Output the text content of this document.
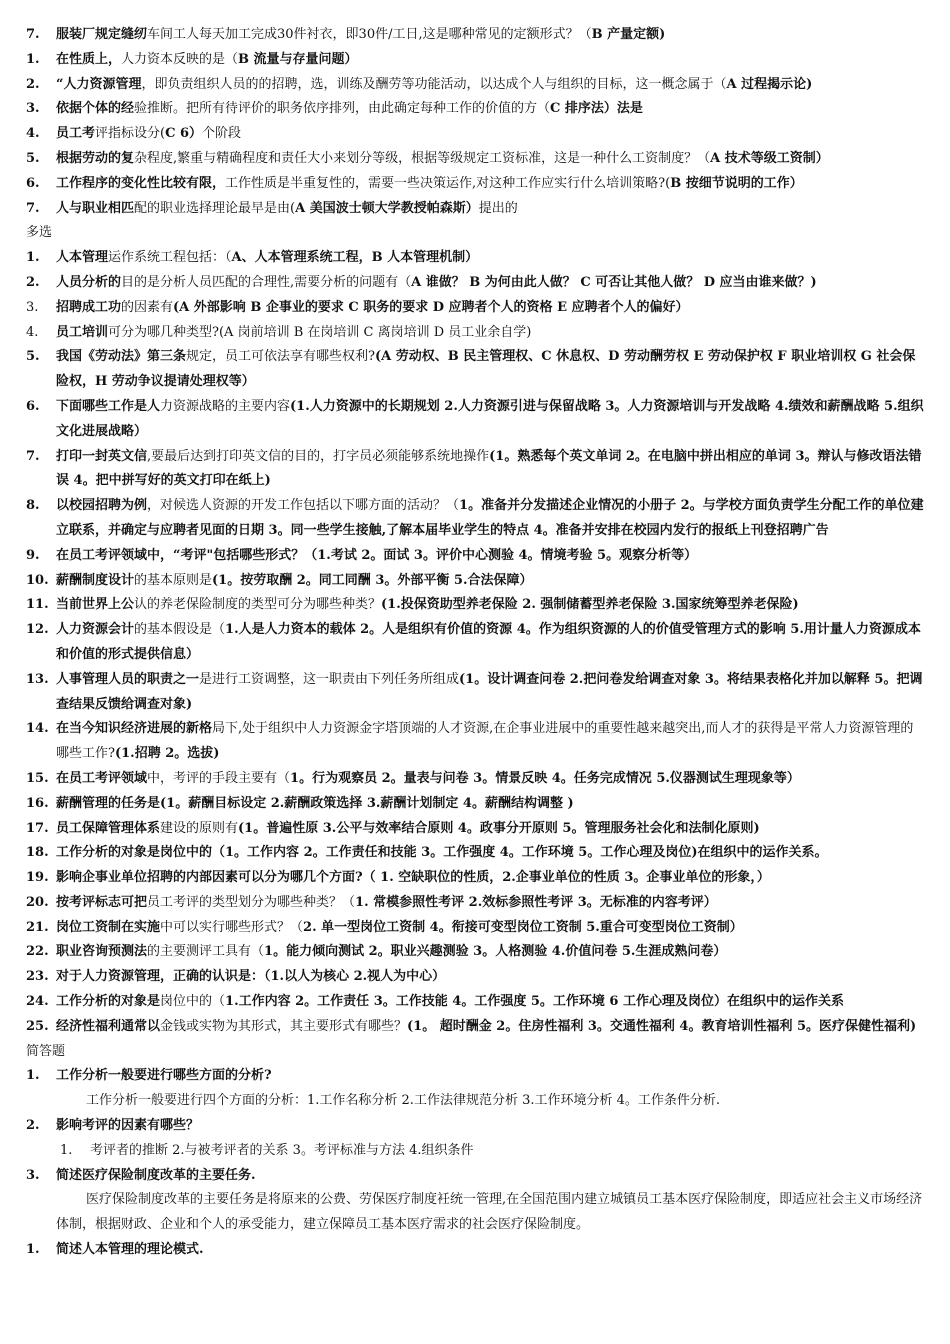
7.	服装厂规定缝纫车间工人每天加工完成30件衬衣，即30件/工日,这是哪种常见的定额形式？（B 产量定额)
1.	在性质上，人力资本反映的是（B 流量与存量问题）
2.	“人力资源管理，即负责组织人员的的招聘，选，训练及酬劳等功能活动，以达成个人与组织的目标，这一概念属于（A 过程揭示论)
3.	依据个体的经验推断。把所有待评价的职务依序排列，由此确定每种工作的价值的方（C 排序法）法是
4.	员工考评指标设分(C 6）个阶段
5.	根据劳动的复杂程度,繁重与精确程度和责任大小来划分等级，根据等级规定工资标准，这是一种什么工资制度？（A 技术等级工资制）
6.	工作程序的变化性比较有限，工作性质是半重复性的，需要一些决策运作,对这种工作应实行什么培训策略?(B 按细节说明的工作）
7.	人与职业相匹配的职业选择理论最早是由(A 美国波士顿大学教授帕森斯）提出的
多选
1.	人本管理运作系统工程包括：（A、人本管理系统工程，B 人本管理机制）
2.	人员分析的目的是分析人员匹配的合理性,需要分析的问题有（A 谁做？ B 为何由此人做？ C 可否让其他人做？ D 应当由谁来做？)
3.	招聘成工功的因素有(A 外部影响 B 企事业的要求 C 职务的要求 D 应聘者个人的资格 E 应聘者个人的偏好）
4.	员工培训可分为哪几种类型?(A 岗前培训 B 在岗培训 C 离岗培训 D 员工业余自学)
5.	我国《劳动法》第三条规定，员工可依法享有哪些权利?(A 劳动权、B 民主管理权、C 休息权、D 劳动酬劳权 E 劳动保护权 F 职业培训权 G 社会保险权，H 劳动争议提请处理权等）
6.	下面哪些工作是人力资源战略的主要内容(1.人力资源中的长期规划 2.人力资源引进与保留战略 3。人力资源培训与开发战略 4.绩效和薪酬战略 5.组织文化进展战略）
7.	打印一封英文信,要最后达到打印英文信的目的，打字员必须能够系统地操作(1。熟悉每个英文单词 2。在电脑中拼出相应的单词 3。辩认与修改语法错误 4。把中拼写好的英文打印在纸上)
8.	以校园招聘为例，对候选人资源的开发工作包括以下哪方面的活动？（1。准备并分发描述企业情况的小册子 2。与学校方面负责学生分配工作的单位建立联系，并确定与应聘者见面的日期 3。同一些学生接触,了解本届毕业学生的特点 4。准备并安排在校园内发行的报纸上刊登招聘广告
9.	在员工考评领域中，“考评"包括哪些形式？（1.考试 2。面试 3。评价中心测验 4。情境考验 5。观察分析等）
10. 薪酬制度设计的基本原则是(1。按劳取酬 2。同工同酬 3。外部平衡 5.合法保障）
11. 当前世界上公认的养老保险制度的类型可分为哪些种类？(1.投保资助型养老保险 2. 强制储蓄型养老保险 3.国家统筹型养老保险)
12. 人力资源会计的基本假设是（1.人是人力资本的载体 2。人是组织有价值的资源 4。作为组织资源的人的价值受管理方式的影响 5.用计量人力资源成本和价值的形式提供信息）
13. 人事管理人员的职责之一是进行工资调整，这一职责由下列任务所组成(1。设计调查问卷 2.把问卷发给调查对象 3。将结果表格化并加以解释 5。把调查结果反馈给调查对象)
14. 在当今知识经济进展的新格局下,处于组织中人力资源金字塔顶端的人才资源,在企事业进展中的重要性越来越突出,而人才的获得是平常人力资源管理的哪些工作?(1.招聘 2。选拔)
15. 在员工考评领域中，考评的手段主要有（1。行为观察员 2。量表与问卷 3。情景反映 4。任务完成情况 5.仪器测试生理现象等）
16. 薪酬管理的任务是(1。薪酬目标设定 2.薪酬政策选择 3.薪酬计划制定 4。薪酬结构调整 )
17. 员工保障管理体系建设的原则有(1。普遍性原 3.公平与效率结合原则 4。政事分开原则 5。管理服务社会化和法制化原则)
18. 工作分析的对象是岗位中的（1。工作内容 2。工作责任和技能 3。工作强度 4。工作环境 5。工作心理及岗位)在组织中的运作关系。
19. 影响企事业单位招聘的内部因素可以分为哪几个方面?（ 1. 空缺职位的性质，2.企事业单位的性质 3。企事业单位的形象，）
20. 按考评标志可把员工考评的类型划分为哪些种类？（1. 常模参照性考评 2.效标参照性考评 3。无标准的内容考评）
21. 岗位工资制在实施中可以实行哪些形式？（2. 单一型岗位工资制 4。衔接可变型岗位工资制 5.重合可变型岗位工资制）
22. 职业咨询预测法的主要测评工具有（1。能力倾向测试 2。职业兴趣测验 3。人格测验 4.价值问卷 5.生涯成熟问卷）
23. 对于人力资源管理，正确的认识是：（1.以人为核心 2.视人为中心）
24. 工作分析的对象是岗位中的（1.工作内容 2。工作责任 3。工作技能 4。工作强度 5。工作环境 6 工作心理及岗位）在组织中的运作关系
25. 经济性福利通常以金钱或实物为其形式，其主要形式有哪些？(1。 超时酬金 2。住房性福利 3。交通性福利 4。教育培训性福利 5。医疗保健性福利)
简答题
1.	工作分析一般要进行哪些方面的分析?
工作分析一般要进行四个方面的分析：1.工作名称分析 2.工作法律规范分析 3.工作环境分析 4。工作条件分析.
2.	影响考评的因素有哪些？
1.	考评者的推断 2.与被考评者的关系 3。考评标准与方法 4.组织条件
3.	简述医疗保险制度改革的主要任务.
医疗保险制度改革的主要任务是将原来的公费、劳保医疗制度衽统一管理,在全国范围内建立城镇员工基本医疗保险制度，即适应社会主义市场经济体制，根据财政、企业和个人的承受能力，建立保障员工基本医疗需求的社会医疗保险制度。
1.	简述人本管理的理论模式.
